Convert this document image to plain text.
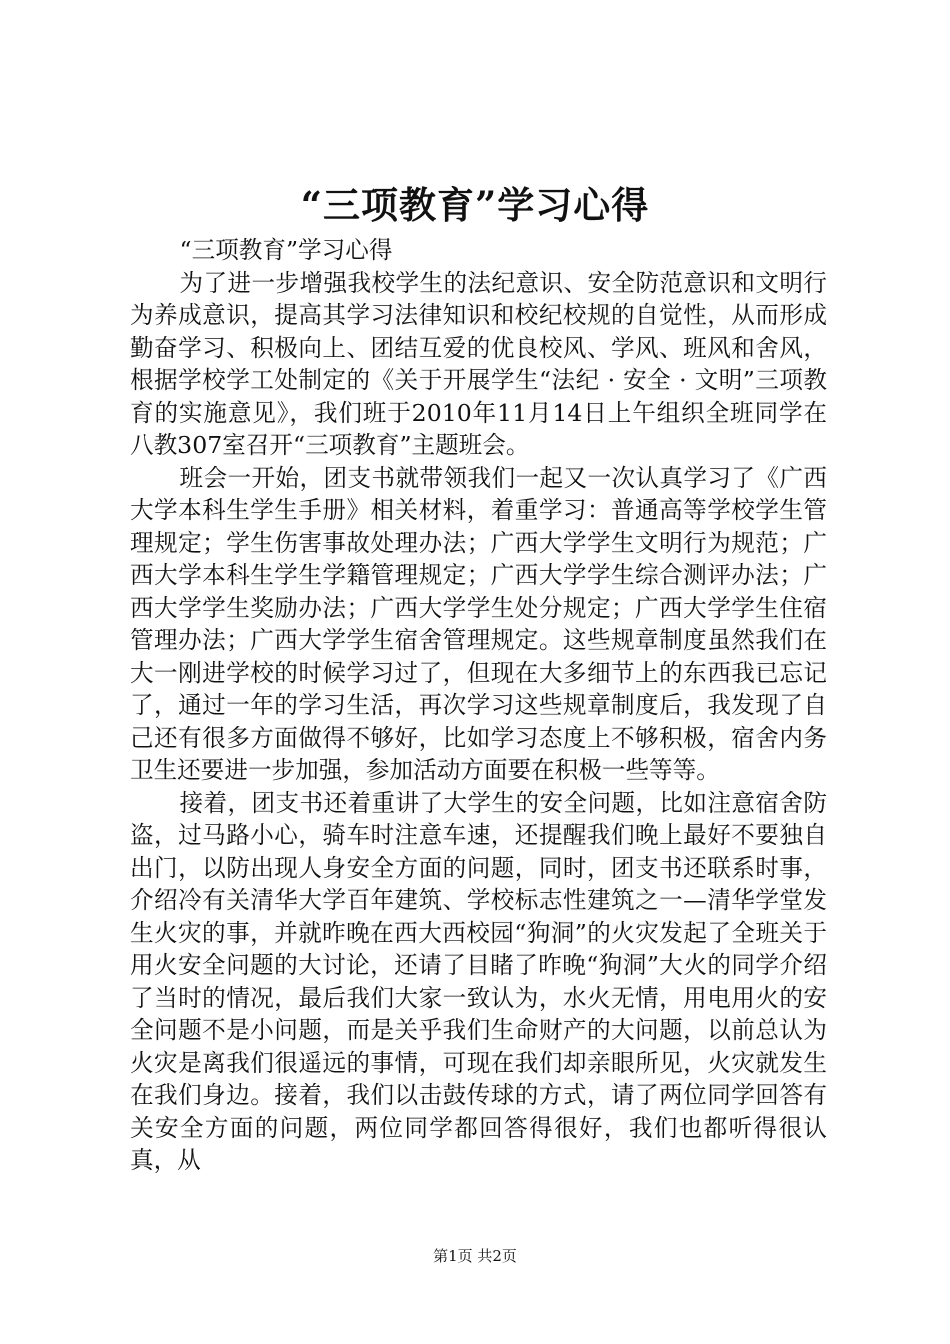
“三项教育”学习心得

“三项教育”学习心得

为了进一步增强我校学生的法纪意识、安全防范意识和文明行为养成意识，提高其学习法律知识和校纪校规的自觉性，从而形成勤奋学习、积极向上、团结互爱的优良校风、学风、班风和舍风，根据学校学工处制定的《关于开展学生“法纪 · 安全 · 文明”三项教育的实施意见》，我们班于2010年11月14日上午组织全班同学在八教307室召开“三项教育”主题班会。

班会一开始，团支书就带领我们一起又一次认真学习了《广西大学本科生学生手册》相关材料，着重学习：普通高等学校学生管理规定；学生伤害事故处理办法；广西大学学生文明行为规范；广西大学本科生学生学籍管理规定；广西大学学生综合测评办法；广西大学学生奖励办法；广西大学学生处分规定；广西大学学生住宿管理办法；广西大学学生宿舍管理规定。这些规章制度虽然我们在大一刚进学校的时候学习过了，但现在大多细节上的东西我已忘记了，通过一年的学习生活，再次学习这些规章制度后，我发现了自己还有很多方面做得不够好，比如学习态度上不够积极，宿舍内务卫生还要进一步加强，参加活动方面要在积极一些等等。

接着，团支书还着重讲了大学生的安全问题，比如注意宿舍防盗，过马路小心，骑车时注意车速，还提醒我们晚上最好不要独自出门，以防出现人身安全方面的问题，同时，团支书还联系时事，介绍冷有关清华大学百年建筑、学校标志性建筑之一—清华学堂发生火灾的事，并就昨晚在西大西校园“狗洞”的火灾发起了全班关于用火安全问题的大讨论，还请了目睹了昨晚“狗洞”大火的同学介绍了当时的情况，最后我们大家一致认为，水火无情，用电用火的安全问题不是小问题，而是关乎我们生命财产的大问题，以前总认为火灾是离我们很遥远的事情，可现在我们却亲眼所见，火灾就发生在我们身边。接着，我们以击鼓传球的方式，请了两位同学回答有关安全方面的问题，两位同学都回答得很好，我们也都听得很认真，从

第1页 共2页
